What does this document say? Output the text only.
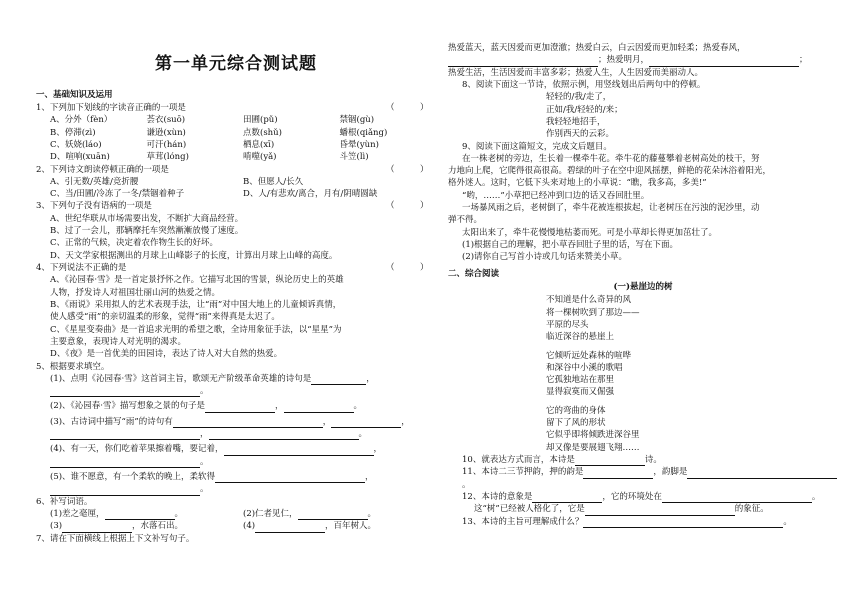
第一单元综合测试题
一、基础知识及运用
1、下列加下划线的字读音正确的一项是	（　　　）
A、分外（fèn）	荟衣(suō)	田圃(pǔ)	禁锢(gù)
B、停滞(zì)	谦逊(xùn)	点数(shǔ)	蟠根(qiǎng)
C、妖娆(láo)	可汗(hán)	栖息(xī)	昏晕(yùn)
D、喧响(xuān)	草茸(lóng)	啃噬(yǎ)	斗笠(lì)
2、下列诗文朗读停顿正确的一项是	（　　　）
A、引无数/英雄/竞折腰	B、但愿人/长久
C、当/田圃/冷冻了一冬/禁锢着种子	D、人/有悲欢/离合，月有/阴晴圆缺
3、下列句子没有语病的一项是	（　　　）
A、世纪华联从市场需要出发，不断扩大商品经营。
B、过了一会儿，那辆摩托车突然漸漸放慢了速度。
C、正常的气候，决定着农作物生长的好坏。
D、天文学家根据测出的月球上山峰影子的长度，计算出月球上山峰的高度。
4、下列说法不正确的是	（　　　）
A、《沁园春·雪》是一首定景抒怀之作。它描写北国的雪景，纵论历史上的英雄
人物，抒发诗人对祖国壮丽山河的热爱之情。
B、《雨说》采用拟人的艺术表现手法，让“雨”对中国大地上的儿童倾诉真情，
使人感受“雨”的亲切温柔的形象，觉得“雨”来得真是太迟了。
C、《星星变奏曲》是一首追求光明的希望之歌，全诗用象征手法，以“星星”为
主要意象，表现诗人对光明的渴求。
D、《夜》是一首优美的田园诗，表达了诗人对大自然的热爱。
5、根据要求填空。
(1)、点明《沁园春·雪》这首词主旨，歌颂无产阶级革命英雄的诗句是	，
。
(2)、《沁园春·雪》描写想象之景的句子是	，	。
(3)、古诗词中描写“雨”的诗句有	，	，
，	。
(4)、有一天，你们吃着苹果擦着嘴，要记着，	，
。
(5)、谁不愿意，有一个柔软的晚上，柔软得	，
。
6、补写词语。
(1)差之毫厘，	。	(2)仁者见仁，	。
(3)	，水落石出。	(4)	，百年树人。
7、请在下面横线上根据上下文补写句子。
热爱蓝天，蓝天因爱而更加澄澈；热爱白云，白云因爱而更加轻柔；热爱春风，
；热爱明月，	；
热爱生活，生活因爱而丰富多彩；热爱人生，人生因爱而美丽动人。
8、阅读下面这一节诗，依照示例，用竖线划出后两句中的停顿。
轻轻的/我/走了，
正如/我/轻轻的/来；
我轻轻地招手，
作别西天的云彩。
9、阅读下面这篇短文，完成文后题目。
在一株老树的旁边，生长着一棵牵牛花。牵牛花的藤蔓攀着老树高处的枝干，努
力地向上爬，它爬得很高很高。碧绿的叶子在空中迎风摇摆，鲜艳的花朵沐浴着阳光，
格外迷人。这时，它低下头来对地上的小草说：“瞧，我多高，多美!”
“哟，……”小草把已经冲到口边的话又吞回肚里。
一场暴风雨之后，老树倒了，牵牛花被连根拔起，让老树压在污浊的泥沙里，动
弹不得。
太阳出来了，牵牛花慢慢地枯萎而死。可是小草却长得更加茁壮了。
(1)根据自己的理解，把小草吞回肚子里的话，写在下面。
(2)请你自己写首小诗或几句话来赞美小草。
二、综合阅读
(一)悬崖边的树
不知道是什么奇异的风
将一棵树吹到了那边——
平原的尽头
临近深谷的悬崖上
它倾听远处森林的喧哗
和深谷中小溪的歌唱
它孤独地站在那里
显得寂寞而又倔强
它的弯曲的身体
留下了风的形状
它似乎即将倾跌进深谷里
却又像是要展翅飞翔……
10、就表达方式而言，本诗是	诗。
11、本诗二三节押韵，押的韵是	，韵脚是。
12、本诗的意象是	，它的环境处在	。
这“树”已经被人格化了，它是	的象征。
13、本诗的主旨可理解成什么？	。
